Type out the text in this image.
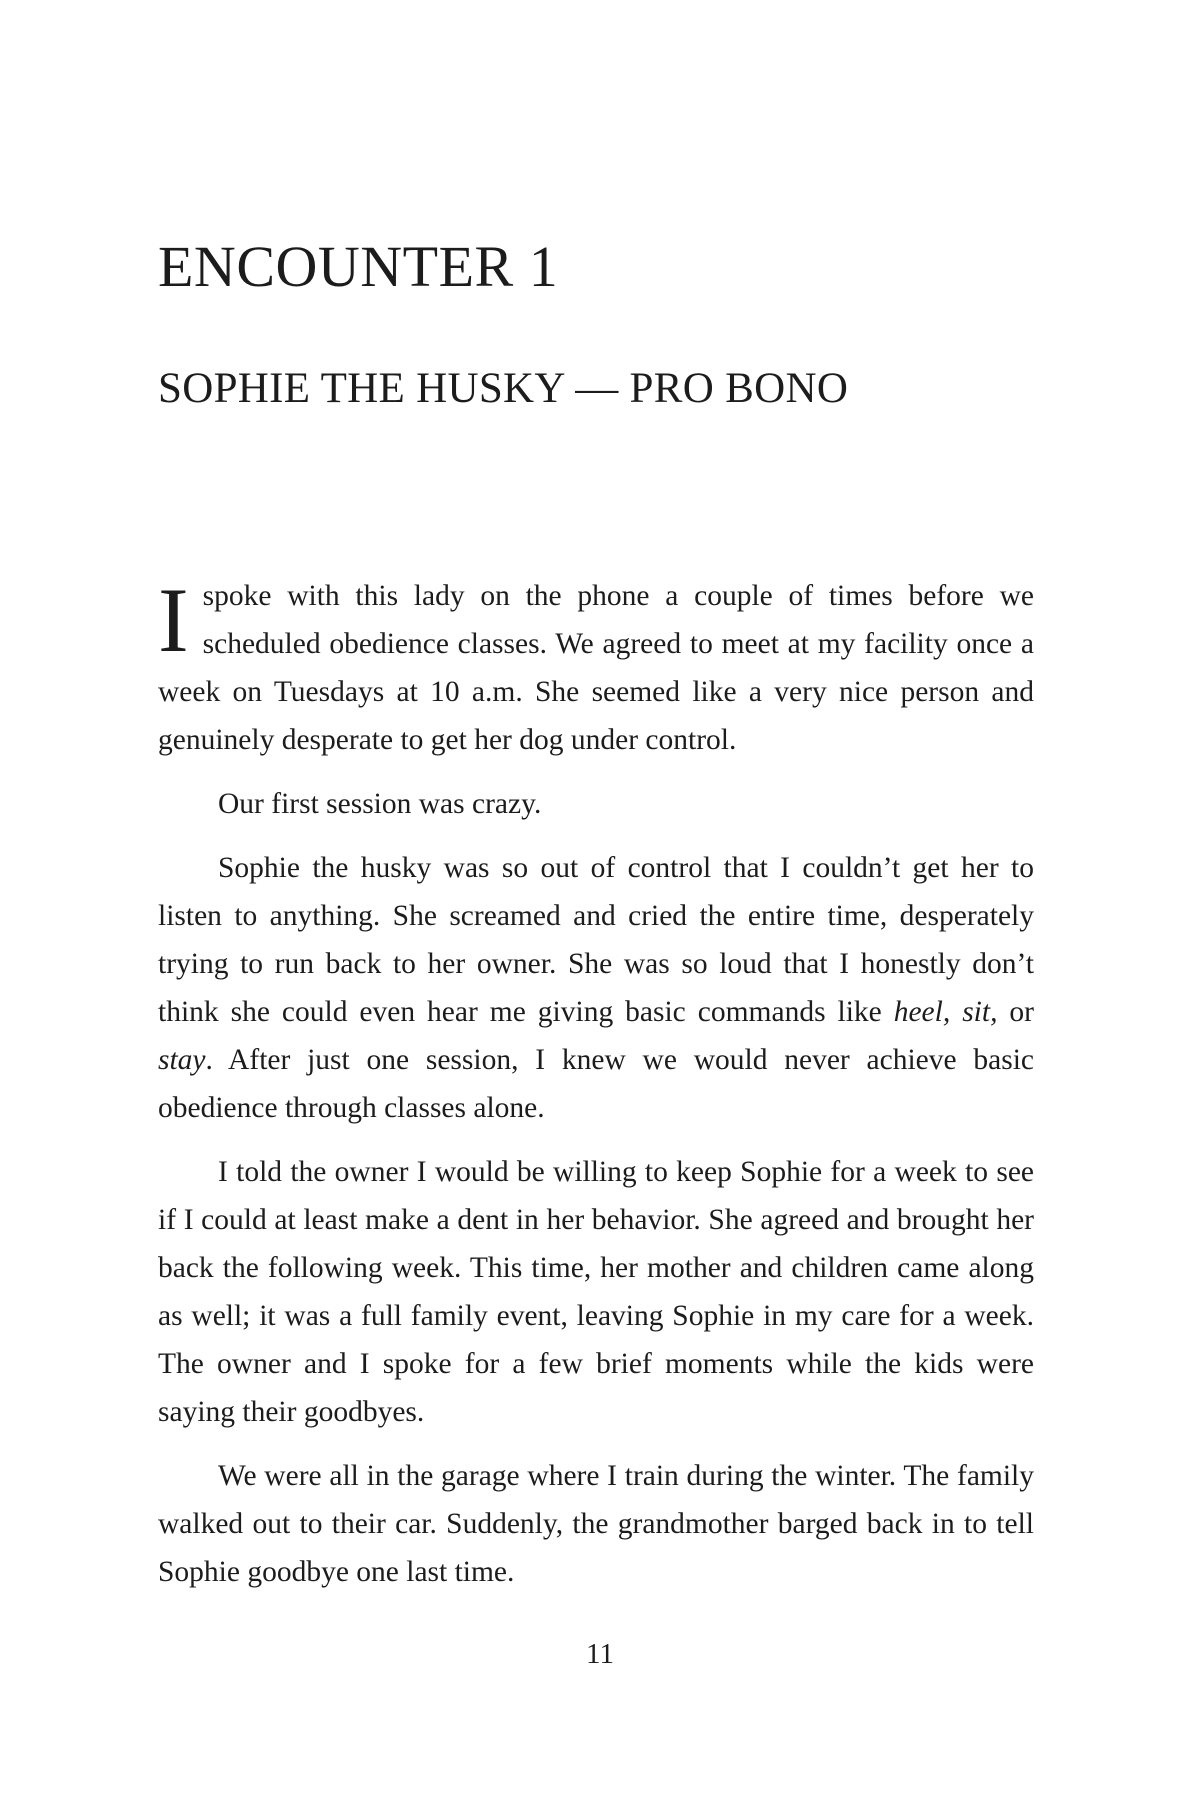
ENCOUNTER 1
SOPHIE THE HUSKY — PRO BONO

Ispoke with this lady on the phone a couple of times before we scheduled obedience classes. We agreed to meet at my facility once a week on Tuesdays at 10 a.m. She seemed like a very nice person and genuinely desperate to get her dog under control.

Our first session was crazy.

Sophie the husky was so out of control that I couldn’t get her to listen to anything. She screamed and cried the entire time, desperately trying to run back to her owner. She was so loud that I honestly don’t think she could even hear me giving basic commands like heel, sit, or stay. After just one session, I knew we would never achieve basic obedience through classes alone.

I told the owner I would be willing to keep Sophie for a week to see if I could at least make a dent in her behavior. She agreed and brought her back the following week. This time, her mother and children came along as well; it was a full family event, leaving Sophie in my care for a week. The owner and I spoke for a few brief moments while the kids were saying their goodbyes.

We were all in the garage where I train during the winter. The family walked out to their car. Suddenly, the grandmother barged back in to tell Sophie goodbye one last time.

11
